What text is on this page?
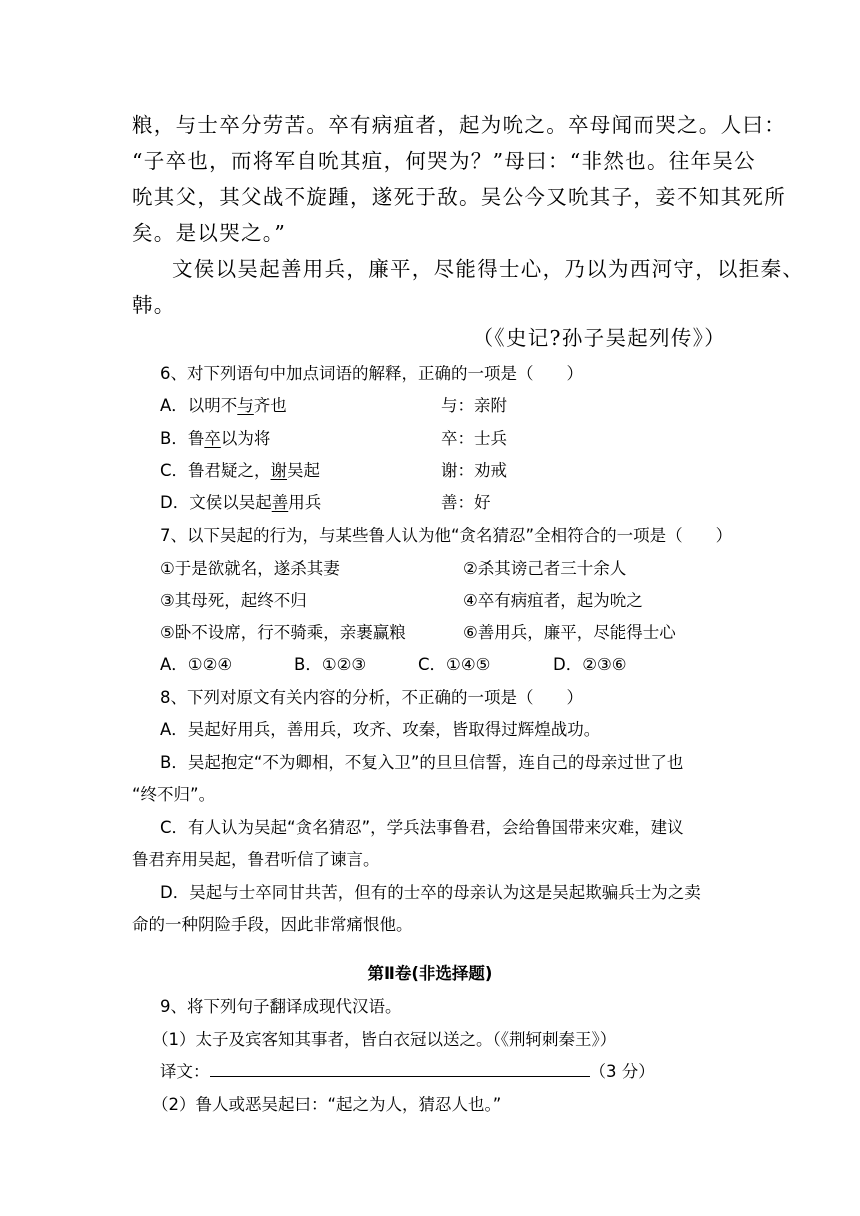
粮，与士卒分劳苦。卒有病疽者，起为吮之。卒母闻而哭之。人曰：
“子卒也，而将军自吮其疽，何哭为？”母曰：“非然也。往年吴公
吮其父，其父战不旋踵，遂死于敌。吴公今又吮其子，妾不知其死所
矣。是以哭之。”
文侯以吴起善用兵，廉平，尽能得士心，乃以为西河守，以拒秦、
韩。
（《史记?孙子吴起列传》）
6、对下列语句中加点词语的解释，正确的一项是（　　）
A．以明不与齐也	与：亲附
B．鲁卒以为将	卒：士兵
C．鲁君疑之，谢吴起	谢：劝戒
D．文侯以吴起善用兵	善：好
7、以下吴起的行为，与某些鲁人认为他“贪名猜忍”全相符合的一项是（　　）
①于是欲就名，遂杀其妻	②杀其谤己者三十余人
③其母死，起终不归	④卒有病疽者，起为吮之
⑤卧不设席，行不骑乘，亲裹赢粮	⑥善用兵，廉平，尽能得士心
A．①②④	B．①②③	C．①④⑤	D．②③⑥
8、下列对原文有关内容的分析，不正确的一项是（　　）
A．吴起好用兵，善用兵，攻齐、攻秦，皆取得过辉煌战功。
B．吴起抱定“不为卿相，不复入卫”的旦旦信誓，连自己的母亲过世了也
“终不归”。
C．有人认为吴起“贪名猜忍”，学兵法事鲁君，会给鲁国带来灾难，建议
鲁君弃用吴起，鲁君听信了谏言。
D．吴起与士卒同甘共苦，但有的士卒的母亲认为这是吴起欺骗兵士为之卖
命的一种阴险手段，因此非常痛恨他。
第Ⅱ卷(非选择题)
9、将下列句子翻译成现代汉语。
（1）太子及宾客知其事者，皆白衣冠以送之。（《荆轲刺秦王》）
译文：	（3 分）
（2）鲁人或恶吴起曰：“起之为人，猜忍人也。”
